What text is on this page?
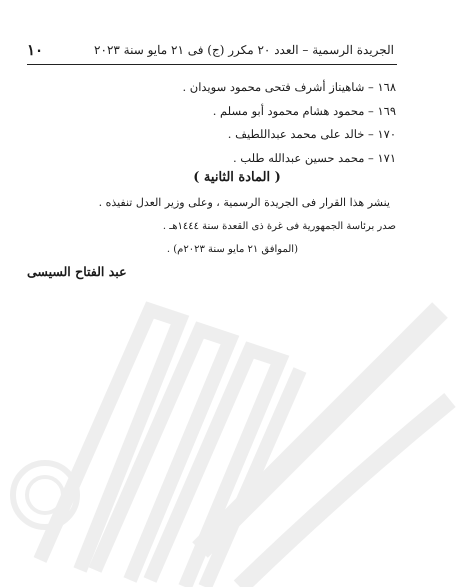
الجريدة الرسمية – العدد ٢٠ مكرر (ج) فى ٢١ مايو سنة ٢٠٢٣
١٠
١٦٨ – شاهيناز أشرف فتحى محمود سويدان .
١٦٩ – محمود هشام محمود أبو مسلم .
١٧٠ – خالد على محمد عبداللطيف .
١٧١ – محمد حسين عبدالله طلب .
( المادة الثانية )
ينشر هذا القرار فى الجريدة الرسمية ، وعلى وزير العدل تنفيذه .
صدر برئاسة الجمهورية فى غرة ذى القعدة سنة ١٤٤٤هـ .
(الموافق ٢١ مايو سنة ٢٠٢٣م) .
عبد الفتاح السيسى
